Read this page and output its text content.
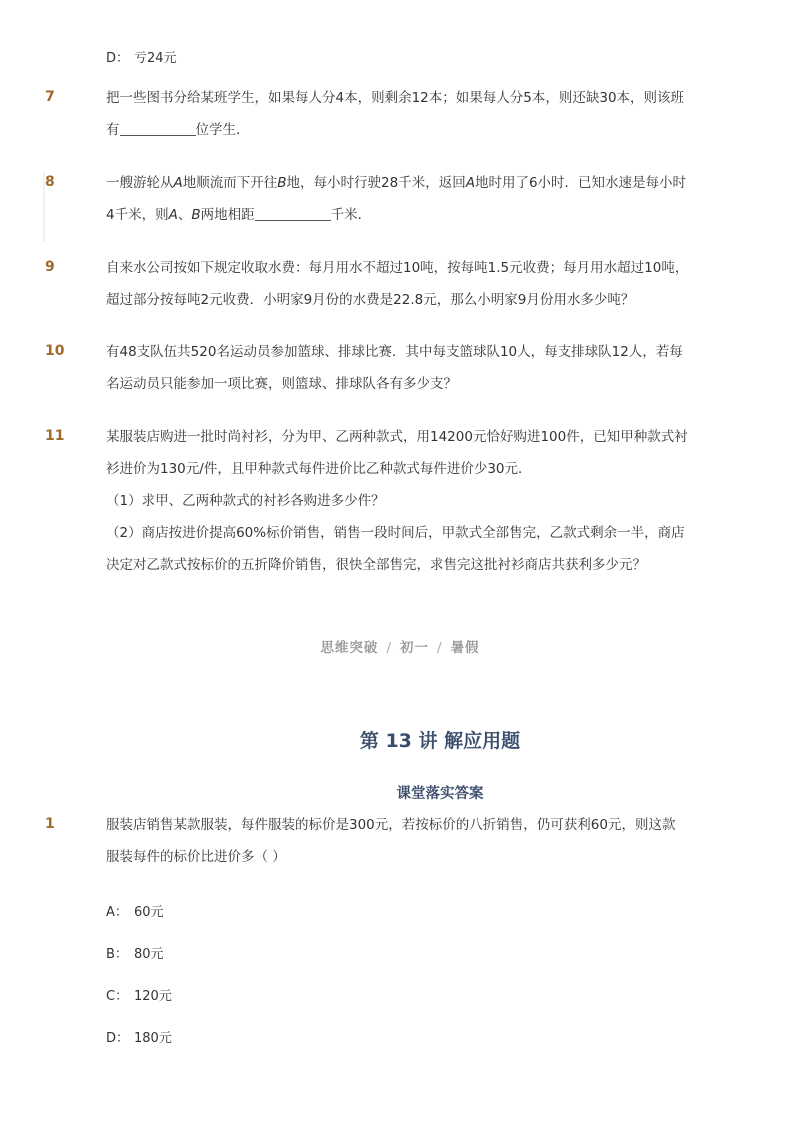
D： 亏24元
7	把一些图书分给某班学生，如果每人分4本，则剩余12本；如果每人分5本，则还缺30本，则该班
有	位学生．
8	一艘游轮从A地顺流而下开往B地，每小时行驶28千米，返回A地时用了6小时．已知水速是每小时
4千米，则A、B两地相距	千米．
9	自来水公司按如下规定收取水费：每月用水不超过10吨，按每吨1.5元收费；每月用水超过10吨，
超过部分按每吨2元收费．小明家9月份的水费是22.8元，那么小明家9月份用水多少吨？
10	有48支队伍共520名运动员参加篮球、排球比赛．其中每支篮球队10人，每支排球队12人，若每
名运动员只能参加一项比赛，则篮球、排球队各有多少支？
11	某服装店购进一批时尚衬衫，分为甲、乙两种款式，用14200元恰好购进100件，已知甲种款式衬
衫进价为130元/件，且甲种款式每件进价比乙种款式每件进价少30元．
（1）求甲、乙两种款式的衬衫各购进多少件？
（2）商店按进价提高60%标价销售，销售一段时间后，甲款式全部售完，乙款式剩余一半，商店
决定对乙款式按标价的五折降价销售，很快全部售完，求售完这批衬衫商店共获利多少元？
思维突破 / 初一 / 暑假
第 13 讲 解应用题
课堂落实答案
1	服装店销售某款服装，每件服装的标价是300元，若按标价的八折销售，仍可获利60元，则这款
服装每件的标价比进价多（ ）
A： 60元
B： 80元
C： 120元
D： 180元
